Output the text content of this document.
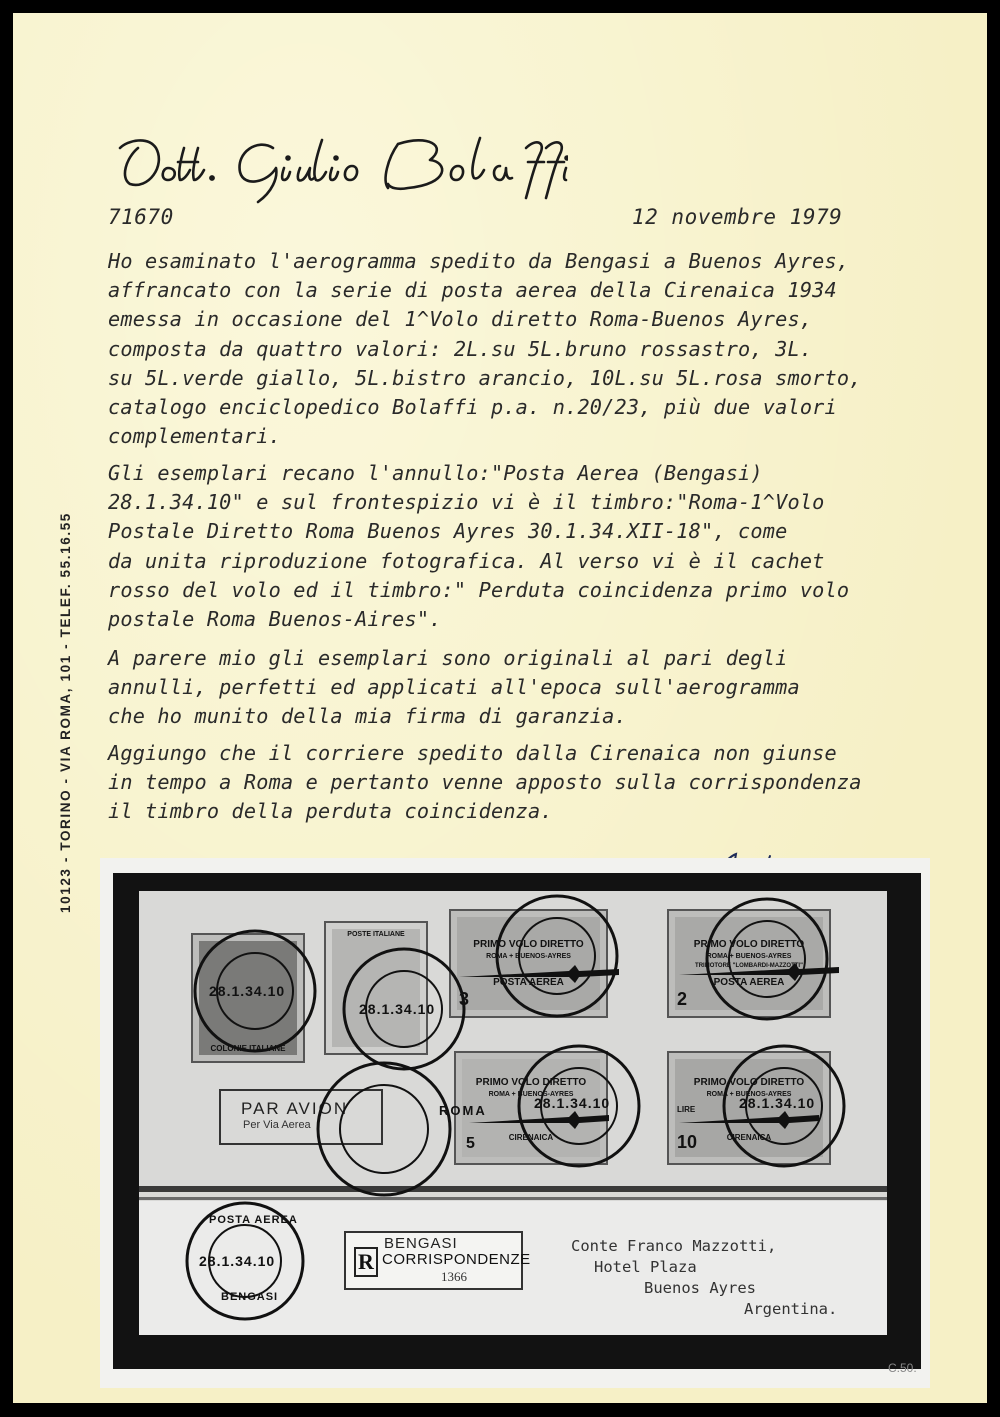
10123 - TORINO - VIA ROMA, 101 - TELEF. 55.16.55
71670	12 novembre 1979
Ho esaminato l'aerogramma spedito da Bengasi a Buenos Ayres,
affrancato con la serie di posta aerea della Cirenaica 1934
emessa in occasione del 1^Volo diretto Roma-Buenos Ayres,
composta da quattro valori: 2L.su 5L.bruno rossastro, 3L.
su 5L.verde giallo, 5L.bistro arancio, 10L.su 5L.rosa smorto,
catalogo enciclopedico Bolaffi p.a. n.20/23, più due valori
complementari.
Gli esemplari recano l'annullo:"Posta Aerea (Bengasi)
28.1.34.10" e sul frontespizio vi è il timbro:"Roma-1^Volo
Postale Diretto Roma Buenos Ayres 30.1.34.XII-18", come
da unita riproduzione fotografica. Al verso vi è il cachet
rosso del volo ed il timbro:" Perduta coincidenza primo volo
postale Roma Buenos-Aires".
A parere mio gli esemplari sono originali al pari degli
annulli, perfetti ed applicati all'epoca sull'aerogramma
che ho munito della mia firma di garanzia.
Aggiungo che il corriere spedito dalla Cirenaica non giunse
in tempo a Roma e pertanto venne apposto sulla corrispondenza
il timbro della perduta coincidenza.
COLONIE ITALIANE
POSTE ITALIANE
PRIMO VOLO DIRETTO
ROMA + BUENOS-AYRES
POSTA AEREA
3
PRIMO VOLO DIRETTO
ROMA + BUENOS-AYRES
TRIMOTORE "LOMBARDI-MAZZOTTI"
POSTA AEREA
2
PRIMO VOLO DIRETTO
ROMA + BUENOS-AYRES
CIRENAICA
5
PRIMO VOLO DIRETTO
ROMA + BUENOS-AYRES
CIRENAICA
LIRE
10
PAR AVION
Per Via Aerea
R
BENGASI
CORRISPONDENZE
1366
Conte Franco Mazzotti,
Hotel Plaza
Buenos Ayres
Argentina.
28.1.34.10
28.1.34.10
28.1.34.10	28.1.34.10
28.1.34.10
POSTA AEREA
BENGASI
ROMA
C.50.
